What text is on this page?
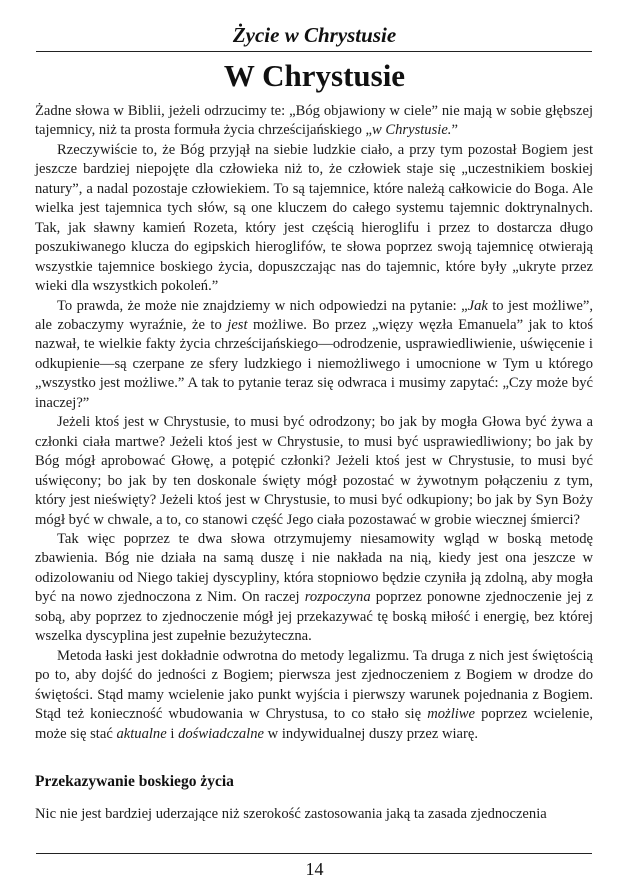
Życie w Chrystusie
W Chrystusie

Żadne słowa w Biblii, jeżeli odrzucimy te: „Bóg objawiony w ciele” nie mają w sobie głębszej tajemnicy, niż ta prosta formuła życia chrześcijańskiego „w Chrystusie.”

Rzeczywiście to, że Bóg przyjął na siebie ludzkie ciało, a przy tym pozostał Bogiem jest jeszcze bardziej niepojęte dla człowieka niż to, że człowiek staje się „uczestnikiem boskiej natury”, a nadal pozostaje człowiekiem. To są tajemnice, które należą całkowicie do Boga. Ale wielka jest tajemnica tych słów, są one kluczem do całego systemu tajemnic doktrynalnych. Tak, jak sławny kamień Rozeta, który jest częścią hieroglifu i przez to dostarcza długo poszukiwanego klucza do egipskich hieroglifów, te słowa poprzez swoją tajemnicę otwierają wszystkie tajemnice boskiego życia, dopuszczając nas do tajemnic, które były „ukryte przez wieki dla wszystkich pokoleń.”

To prawda, że może nie znajdziemy w nich odpowiedzi na pytanie: „Jak to jest możliwe”, ale zobaczymy wyraźnie, że to jest możliwe. Bo przez „więzy węzła Emanuela” jak to ktoś nazwał, te wielkie fakty życia chrześcijańskiego—odrodzenie, usprawiedliwienie, uświęcenie i odkupienie—są czerpane ze sfery ludzkiego i niemożliwego i umocnione w Tym u którego „wszystko jest możliwe.” A tak to pytanie teraz się odwraca i musimy zapytać: „Czy może być inaczej?”

Jeżeli ktoś jest w Chrystusie, to musi być odrodzony; bo jak by mogła Głowa być żywa a członki ciała martwe? Jeżeli ktoś jest w Chrystusie, to musi być usprawiedliwiony; bo jak by Bóg mógł aprobować Głowę, a potępić członki? Jeżeli ktoś jest w Chrystusie, to musi być uświęcony; bo jak by ten doskonale święty mógł pozostać w żywotnym połączeniu z tym, który jest nieświęty? Jeżeli ktoś jest w Chrystusie, to musi być odkupiony; bo jak by Syn Boży mógł być w chwale, a to, co stanowi część Jego ciała pozostawać w grobie wiecznej śmierci?

Tak więc poprzez te dwa słowa otrzymujemy niesamowity wgląd w boską metodę zbawienia. Bóg nie działa na samą duszę i nie nakłada na nią, kiedy jest ona jeszcze w odizolowaniu od Niego takiej dyscypliny, która stopniowo będzie czyniła ją zdolną, aby mogła być na nowo zjednoczona z Nim. On raczej rozpoczyna poprzez ponowne zjednoczenie jej z sobą, aby poprzez to zjednoczenie mógł jej przekazywać tę boską miłość i energię, bez której wszelka dyscyplina jest zupełnie bezużyteczna.

Metoda łaski jest dokładnie odwrotna do metody legalizmu. Ta druga z nich jest świętością po to, aby dojść do jedności z Bogiem; pierwsza jest zjednoczeniem z Bogiem w drodze do świętości. Stąd mamy wcielenie jako punkt wyjścia i pierwszy warunek pojednania z Bogiem. Stąd też konieczność wbudowania w Chrystusa, to co stało się możliwe poprzez wcielenie, może się stać aktualne i doświadczalne w indywidualnej duszy przez wiarę.

Przekazywanie boskiego życia
Nic nie jest bardziej uderzające niż szerokość zastosowania jaką ta zasada zjednoczenia
14
